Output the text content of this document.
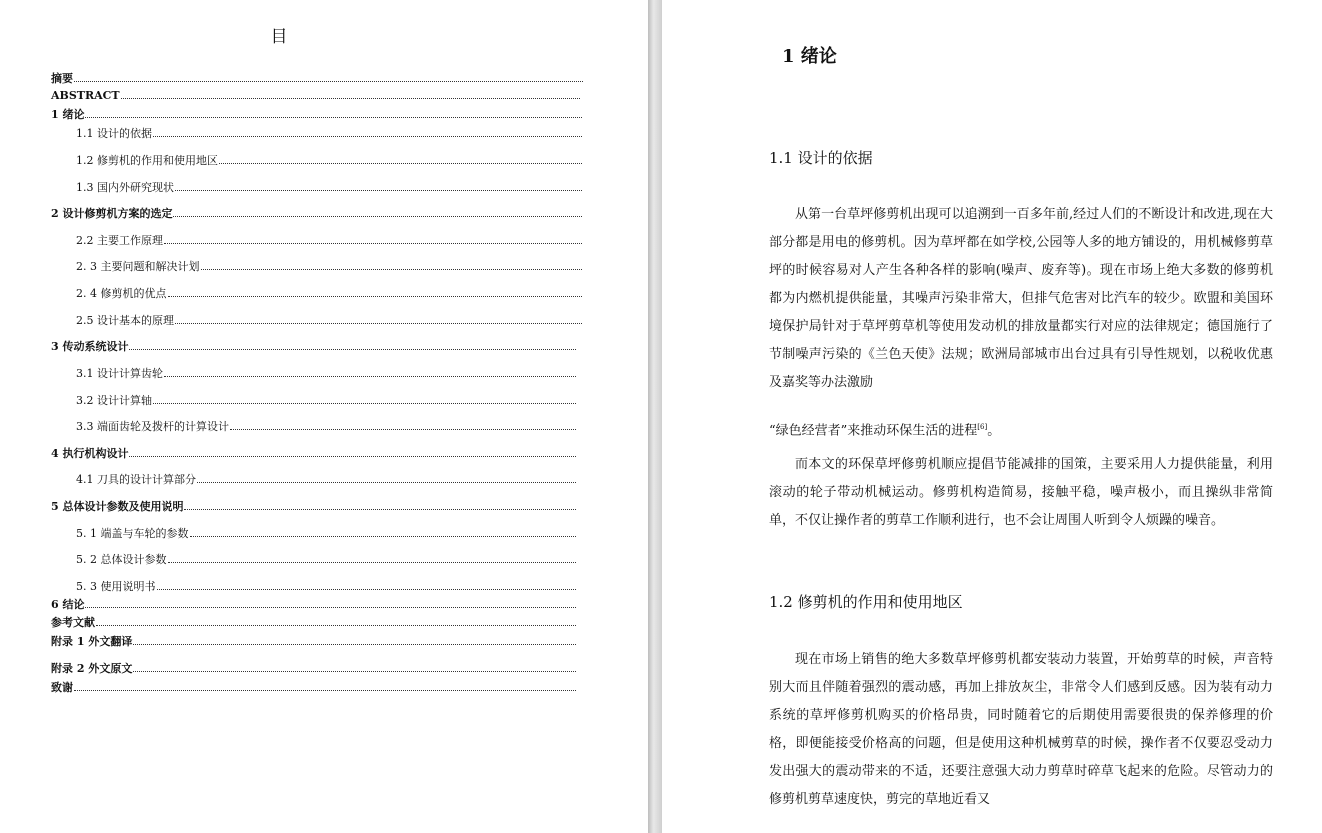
目
摘要
ABSTRACT
1 绪论
1.1 设计的依据
1.2 修剪机的作用和使用地区
1.3 国内外研究现状
2 设计修剪机方案的选定
2.2 主要工作原理
2. 3 主要问题和解决计划
2. 4 修剪机的优点
2.5 设计基本的原理
3 传动系统设计
3.1 设计计算齿轮
3.2 设计计算轴
3.3 端面齿轮及拨杆的计算设计
4 执行机构设计
4.1 刀具的设计计算部分
5 总体设计参数及使用说明
5. 1 端盖与车轮的参数
5. 2 总体设计参数
5. 3 使用说明书
6 结论
参考文献
附录 1 外文翻译
附录 2 外文原文
致谢
1 绪论
1.1 设计的依据
从第一台草坪修剪机出现可以追溯到一百多年前,经过人们的不断设计和改进,现在大部分都是用电的修剪机。因为草坪都在如学校,公园等人多的地方铺设的，用机械修剪草坪的时候容易对人产生各种各样的影响(噪声、废弃等)。现在市场上绝大多数的修剪机都为内燃机提供能量，其噪声污染非常大，但排气危害对比汽车的较少。欧盟和美国环境保护局针对于草坪剪草机等使用发动机的排放量都实行对应的法律规定；德国施行了节制噪声污染的《兰色天使》法规；欧洲局部城市出台过具有引导性规划，以税收优惠及嘉奖等办法激励
“绿色经营者”来推动环保生活的进程[6]。
而本文的环保草坪修剪机顺应提倡节能减排的国策，主要采用人力提供能量，利用滚动的轮子带动机械运动。修剪机构造简易，接触平稳，噪声极小，而且操纵非常简单，不仅让操作者的剪草工作顺利进行，也不会让周围人听到令人烦躁的噪音。
1.2 修剪机的作用和使用地区
现在市场上销售的绝大多数草坪修剪机都安装动力装置，开始剪草的时候，声音特别大而且伴随着强烈的震动感，再加上排放灰尘，非常令人们感到反感。因为装有动力系统的草坪修剪机购买的价格昂贵，同时随着它的后期使用需要很贵的保养修理的价格，即便能接受价格高的问题，但是使用这种机械剪草的时候，操作者不仅要忍受动力发出强大的震动带来的不适，还要注意强大动力剪草时碎草飞起来的危险。尽管动力的修剪机剪草速度快，剪完的草地近看又
